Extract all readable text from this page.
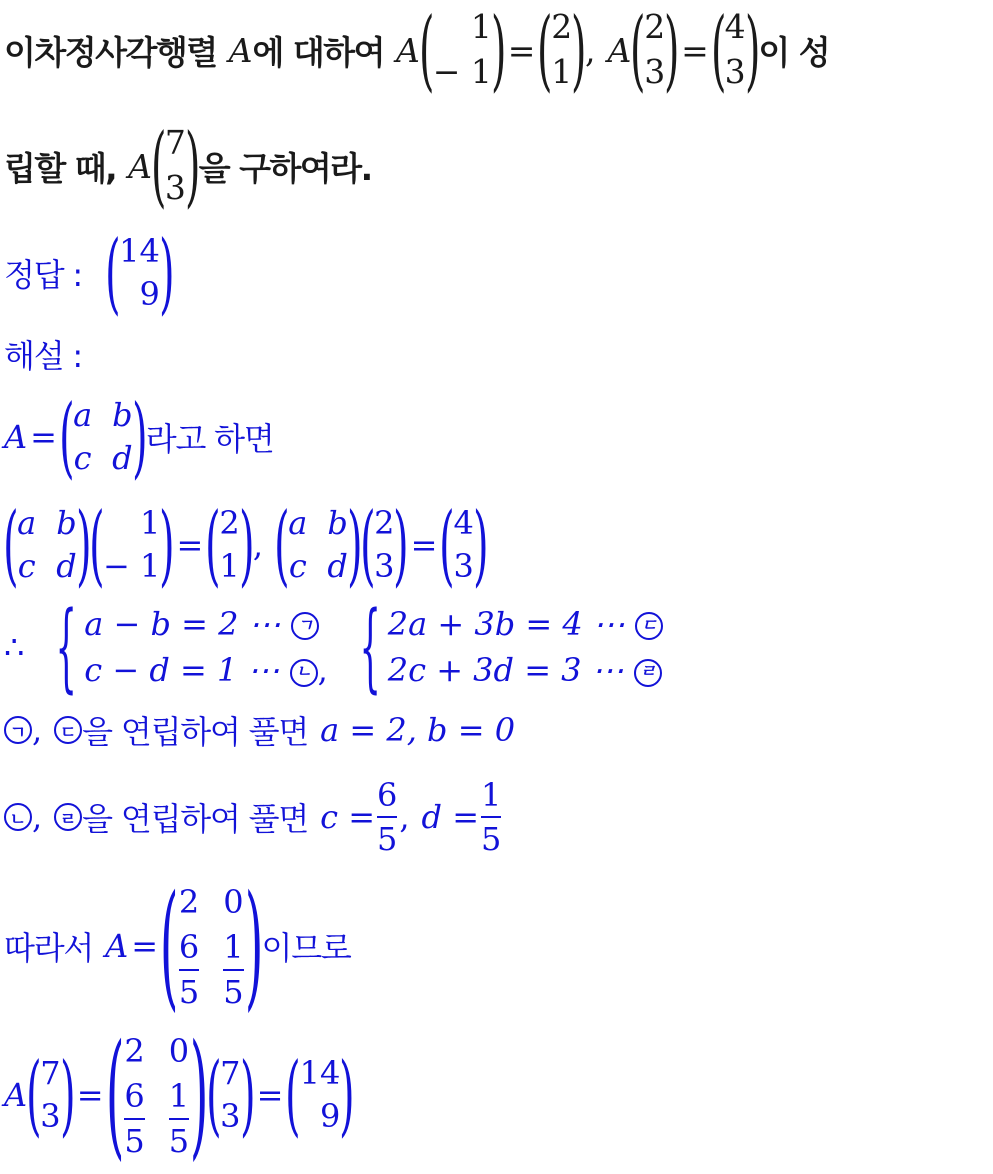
이차정사각행렬 A 에 대하여 A (	1
− 1 ) = ( 2
1 ) , A ( 2
3 ) = ( 4
3 ) 이 성
립할 때, A ( 7
3 ) 을 구하여라.
정답 : ( 14
9 )
해설 :
A = ( a b
c d ) 라고 하면
( a b
c d )
(	1
− 1 ) = ( 2
1 ) , ( a b
c d )
( 2
3 ) = ( 4
3 )
∴ { a − b = 2 ⋯ ㄱ
c − d = 1 ⋯ ㄴ , { 2a + 3b = 4 ⋯ ㄷ
2c + 3d = 3 ⋯ ㄹ
ㄱ ,	ㄷ 을 연립하여 풀면 a = 2, b = 0
ㄴ ,	ㄹ 을 연립하여 풀면 $c = \frac{6}{5}$ , $d = \frac{1}{5}$
따라서 A = ( 2 0
$\frac{6}{5} \frac{1}{5}$ )
이므로
A ( 7
3 ) = ( 2 0
$\frac{6}{5} \frac{1}{5}$ )
( 7
3 ) = ( 14
9 )
